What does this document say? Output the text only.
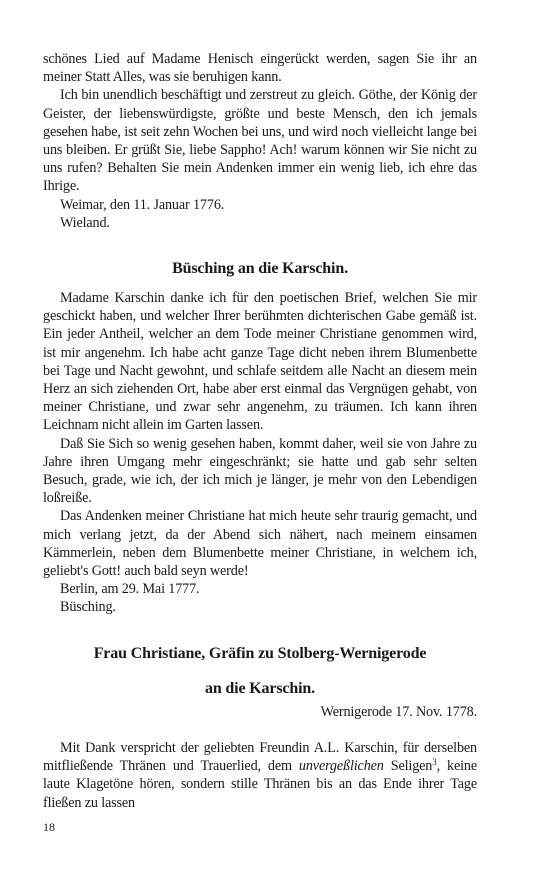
schönes Lied auf Madame Henisch eingerückt werden, sagen Sie ihr an meiner Statt Alles, was sie beruhigen kann.

Ich bin unendlich beschäftigt und zerstreut zu gleich. Göthe, der König der Geister, der liebenswürdigste, größte und beste Mensch, den ich jemals gesehen habe, ist seit zehn Wochen bei uns, und wird noch vielleicht lange bei uns bleiben. Er grüßt Sie, liebe Sappho! Ach! warum können wir Sie nicht zu uns rufen? Behalten Sie mein Andenken immer ein wenig lieb, ich ehre das Ihrige.

Weimar, den 11. Januar 1776.

Wieland.

Büsching an die Karschin.

Madame Karschin danke ich für den poetischen Brief, welchen Sie mir geschickt haben, und welcher Ihrer berühmten dichterischen Gabe gemäß ist. Ein jeder Antheil, welcher an dem Tode meiner Christiane genommen wird, ist mir angenehm. Ich habe acht ganze Tage dicht neben ihrem Blumenbette bei Tage und Nacht gewohnt, und schlafe seitdem alle Nacht an diesem mein Herz an sich ziehenden Ort, habe aber erst einmal das Vergnügen gehabt, von meiner Christiane, und zwar sehr angenehm, zu träumen. Ich kann ihren Leichnam nicht allein im Garten lassen.

Daß Sie Sich so wenig gesehen haben, kommt daher, weil sie von Jahre zu Jahre ihren Umgang mehr eingeschränkt; sie hatte und gab sehr selten Besuch, grade, wie ich, der ich mich je länger, je mehr von den Lebendigen loßreiße.

Das Andenken meiner Christiane hat mich heute sehr traurig gemacht, und mich verlang jetzt, da der Abend sich nähert, nach meinem einsamen Kämmerlein, neben dem Blumenbette meiner Christiane, in welchem ich, geliebt's Gott! auch bald seyn werde!

Berlin, am 29. Mai 1777.

Büsching.

Frau Christiane, Gräfin zu Stolberg-Wernigerode
an die Karschin.

Wernigerode 17. Nov. 1778.

Mit Dank verspricht der geliebten Freundin A.L. Karschin, für derselben mitfließende Thränen und Trauerlied, dem unvergeßlichen Seligen$^3$, keine laute Klagetöne hören, sondern stille Thränen bis an das Ende ihrer Tage fließen zu lassen

18
